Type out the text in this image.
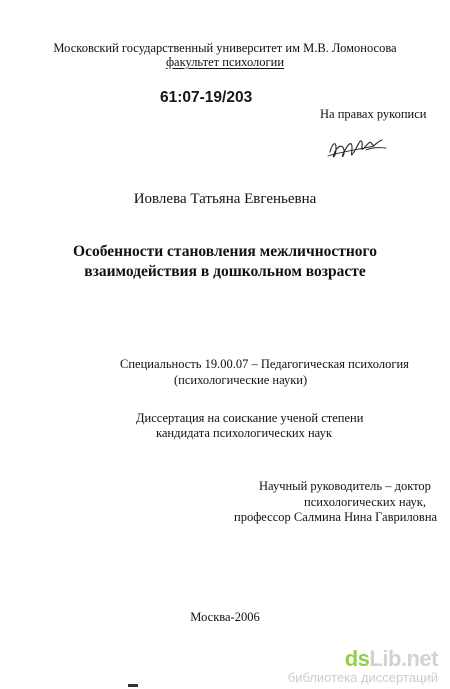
Московский государственный университет им М.В. Ломоносова
факультет психологии
61:07-19/203
На правах рукописи
Иовлева Татьяна Евгеньевна
Особенности становления межличностного
взаимодействия в дошкольном возрасте
Специальность 19.00.07 – Педагогическая психология
(психологические науки)
Диссертация на соискание ученой степени
кандидата психологических наук
Научный руководитель – доктор
психологических наук,
профессор Салмина Нина Гавриловна
Москва-2006
dsLib.net
библиотека диссертаций
